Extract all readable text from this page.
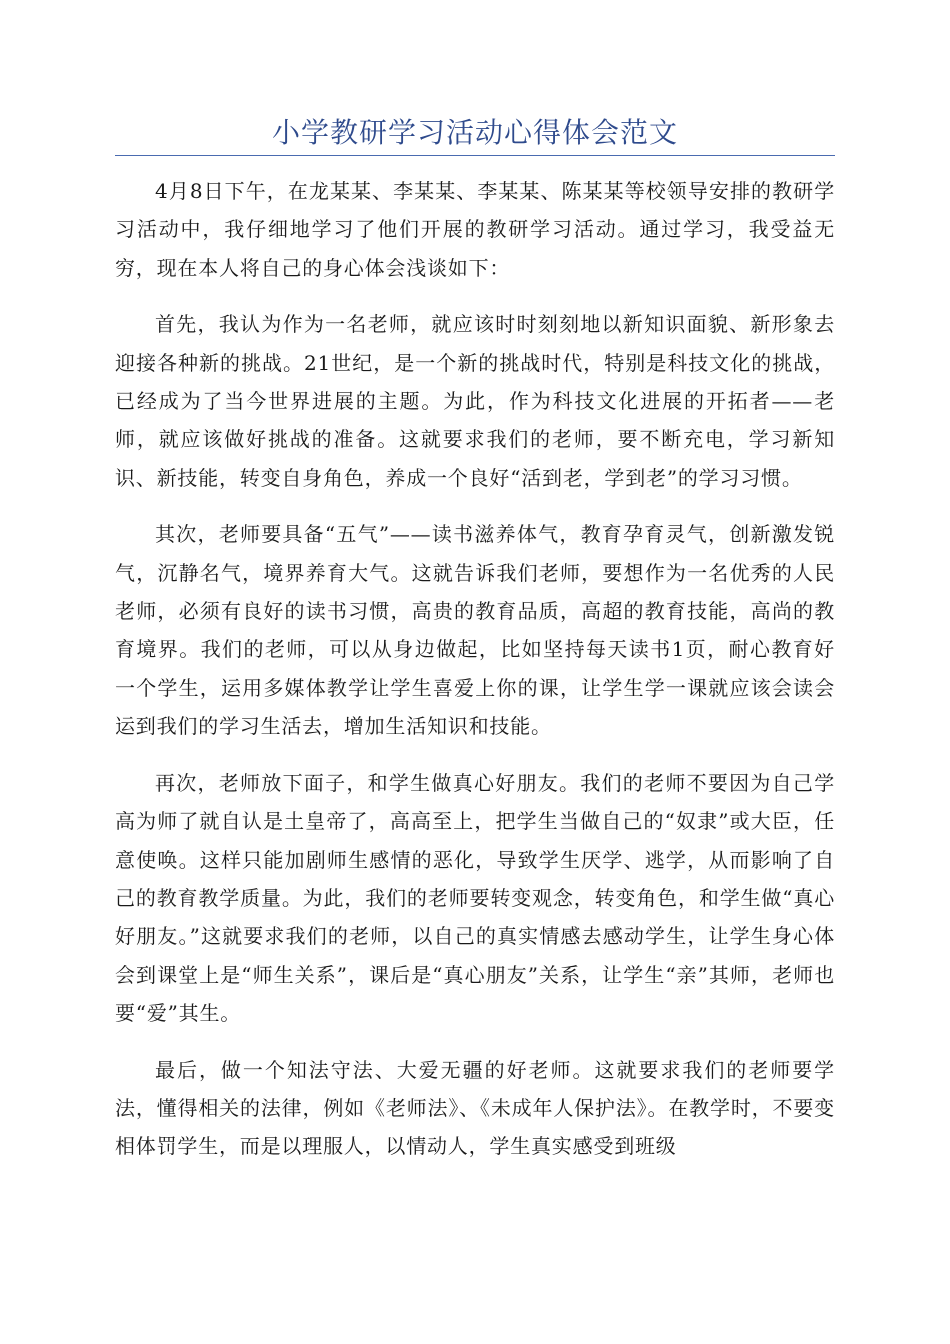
小学教研学习活动心得体会范文

4月8日下午，在龙某某、李某某、李某某、陈某某等校领导安排的教研学习活动中，我仔细地学习了他们开展的教研学习活动。通过学习，我受益无穷，现在本人将自己的身心体会浅谈如下：

首先，我认为作为一名老师，就应该时时刻刻地以新知识面貌、新形象去迎接各种新的挑战。21世纪，是一个新的挑战时代，特别是科技文化的挑战，已经成为了当今世界进展的主题。为此，作为科技文化进展的开拓者——老师，就应该做好挑战的准备。这就要求我们的老师，要不断充电，学习新知识、新技能，转变自身角色，养成一个良好“活到老，学到老”的学习习惯。

其次，老师要具备“五气”——读书滋养体气，教育孕育灵气，创新激发锐气，沉静名气，境界养育大气。这就告诉我们老师，要想作为一名优秀的人民老师，必须有良好的读书习惯，高贵的教育品质，高超的教育技能，高尚的教育境界。我们的老师，可以从身边做起，比如坚持每天读书1页，耐心教育好一个学生，运用多媒体教学让学生喜爱上你的课，让学生学一课就应该会读会运到我们的学习生活去，增加生活知识和技能。

再次，老师放下面子，和学生做真心好朋友。我们的老师不要因为自己学高为师了就自认是土皇帝了，高高至上，把学生当做自己的“奴隶”或大臣，任意使唤。这样只能加剧师生感情的恶化，导致学生厌学、逃学，从而影响了自己的教育教学质量。为此，我们的老师要转变观念，转变角色，和学生做“真心好朋友。”这就要求我们的老师，以自己的真实情感去感动学生，让学生身心体会到课堂上是“师生关系”，课后是“真心朋友”关系，让学生“亲”其师，老师也要“爱”其生。

最后，做一个知法守法、大爱无疆的好老师。这就要求我们的老师要学法，懂得相关的法律，例如《老师法》、《未成年人保护法》。在教学时，不要变相体罚学生，而是以理服人，以情动人，学生真实感受到班级
